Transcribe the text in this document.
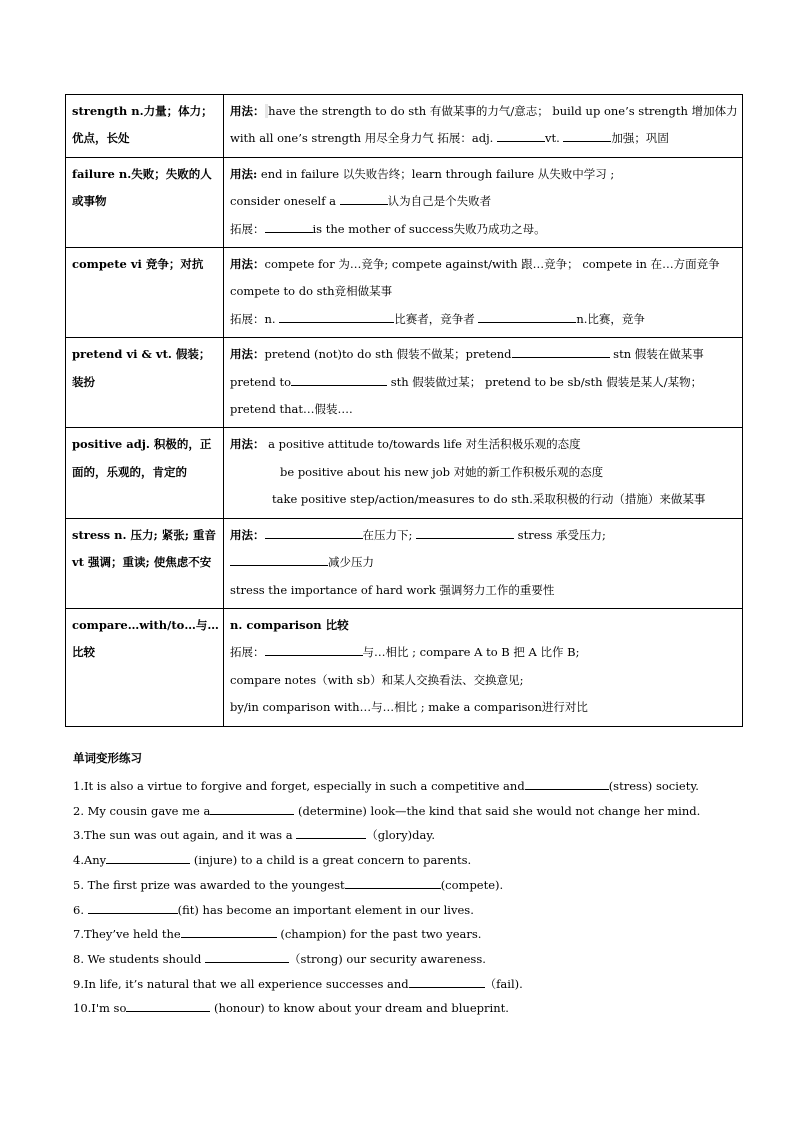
strength n.力量；体力；优点，长处	用法： have the strength to do sth 有做某事的力气/意志； build up one’s strength 增加体力
with all one’s strength 用尽全身力气 拓展：adj. vt. 加强；巩固

failure n.失败；失败的人或事物	用法: end in failure 以失败告终；learn through failure 从失败中学习 ;
consider oneself a 认为自己是个失败者
拓展： is the mother of success失败乃成功之母。

compete vi 竞争；对抗	用法：compete for 为…竞争; compete against/with 跟…竞争； compete in 在…方面竞争 compete to do sth竞相做某事
拓展：n. 比赛者，竞争者 n.比赛，竞争

pretend vi & vt. 假装；装扮	用法：pretend (not)to do sth 假装不做某；pretend stn 假装在做某事
pretend to sth 假装做过某； pretend to be sb/sth 假装是某人/某物；
pretend that…假装….

positive adj. 积极的，正面的，乐观的，肯定的	用法： a positive attitude to/towards life 对生活积极乐观的态度
be positive about his new job 对她的新工作积极乐观的态度
take positive step/action/measures to do sth.采取积极的行动（措施）来做某事

stress n. 压力; 紧张; 重音 vt 强调；重读; 使焦虑不安	用法： 在压力下; stress 承受压力;
减少压力
stress the importance of hard work 强调努力工作的重要性

compare…with/to…与…比较	n. comparison 比较
拓展： 与…相比 ; compare A to B 把 A 比作 B;
compare notes（with sb）和某人交换看法、交换意见;
by/in comparison with…与…相比 ; make a comparison进行对比
单词变形练习
1.It is also a virtue to forgive and forget, especially in such a competitive and	(stress) society.
2. My cousin gave me a	(determine) look—the kind that said she would not change her mind.
3.The sun was out again, and it was a	（glory)day.
4.Any	(injure) to a child is a great concern to parents.
5. The first prize was awarded to the youngest	(compete).
6.	(fit) has become an important element in our lives.
7.They’ve held the	(champion) for the past two years.
8. We students should	（strong) our security awareness.
9.In life, it’s natural that we all experience successes and	（fail).
10.I'm so	(honour) to know about your dream and blueprint.
